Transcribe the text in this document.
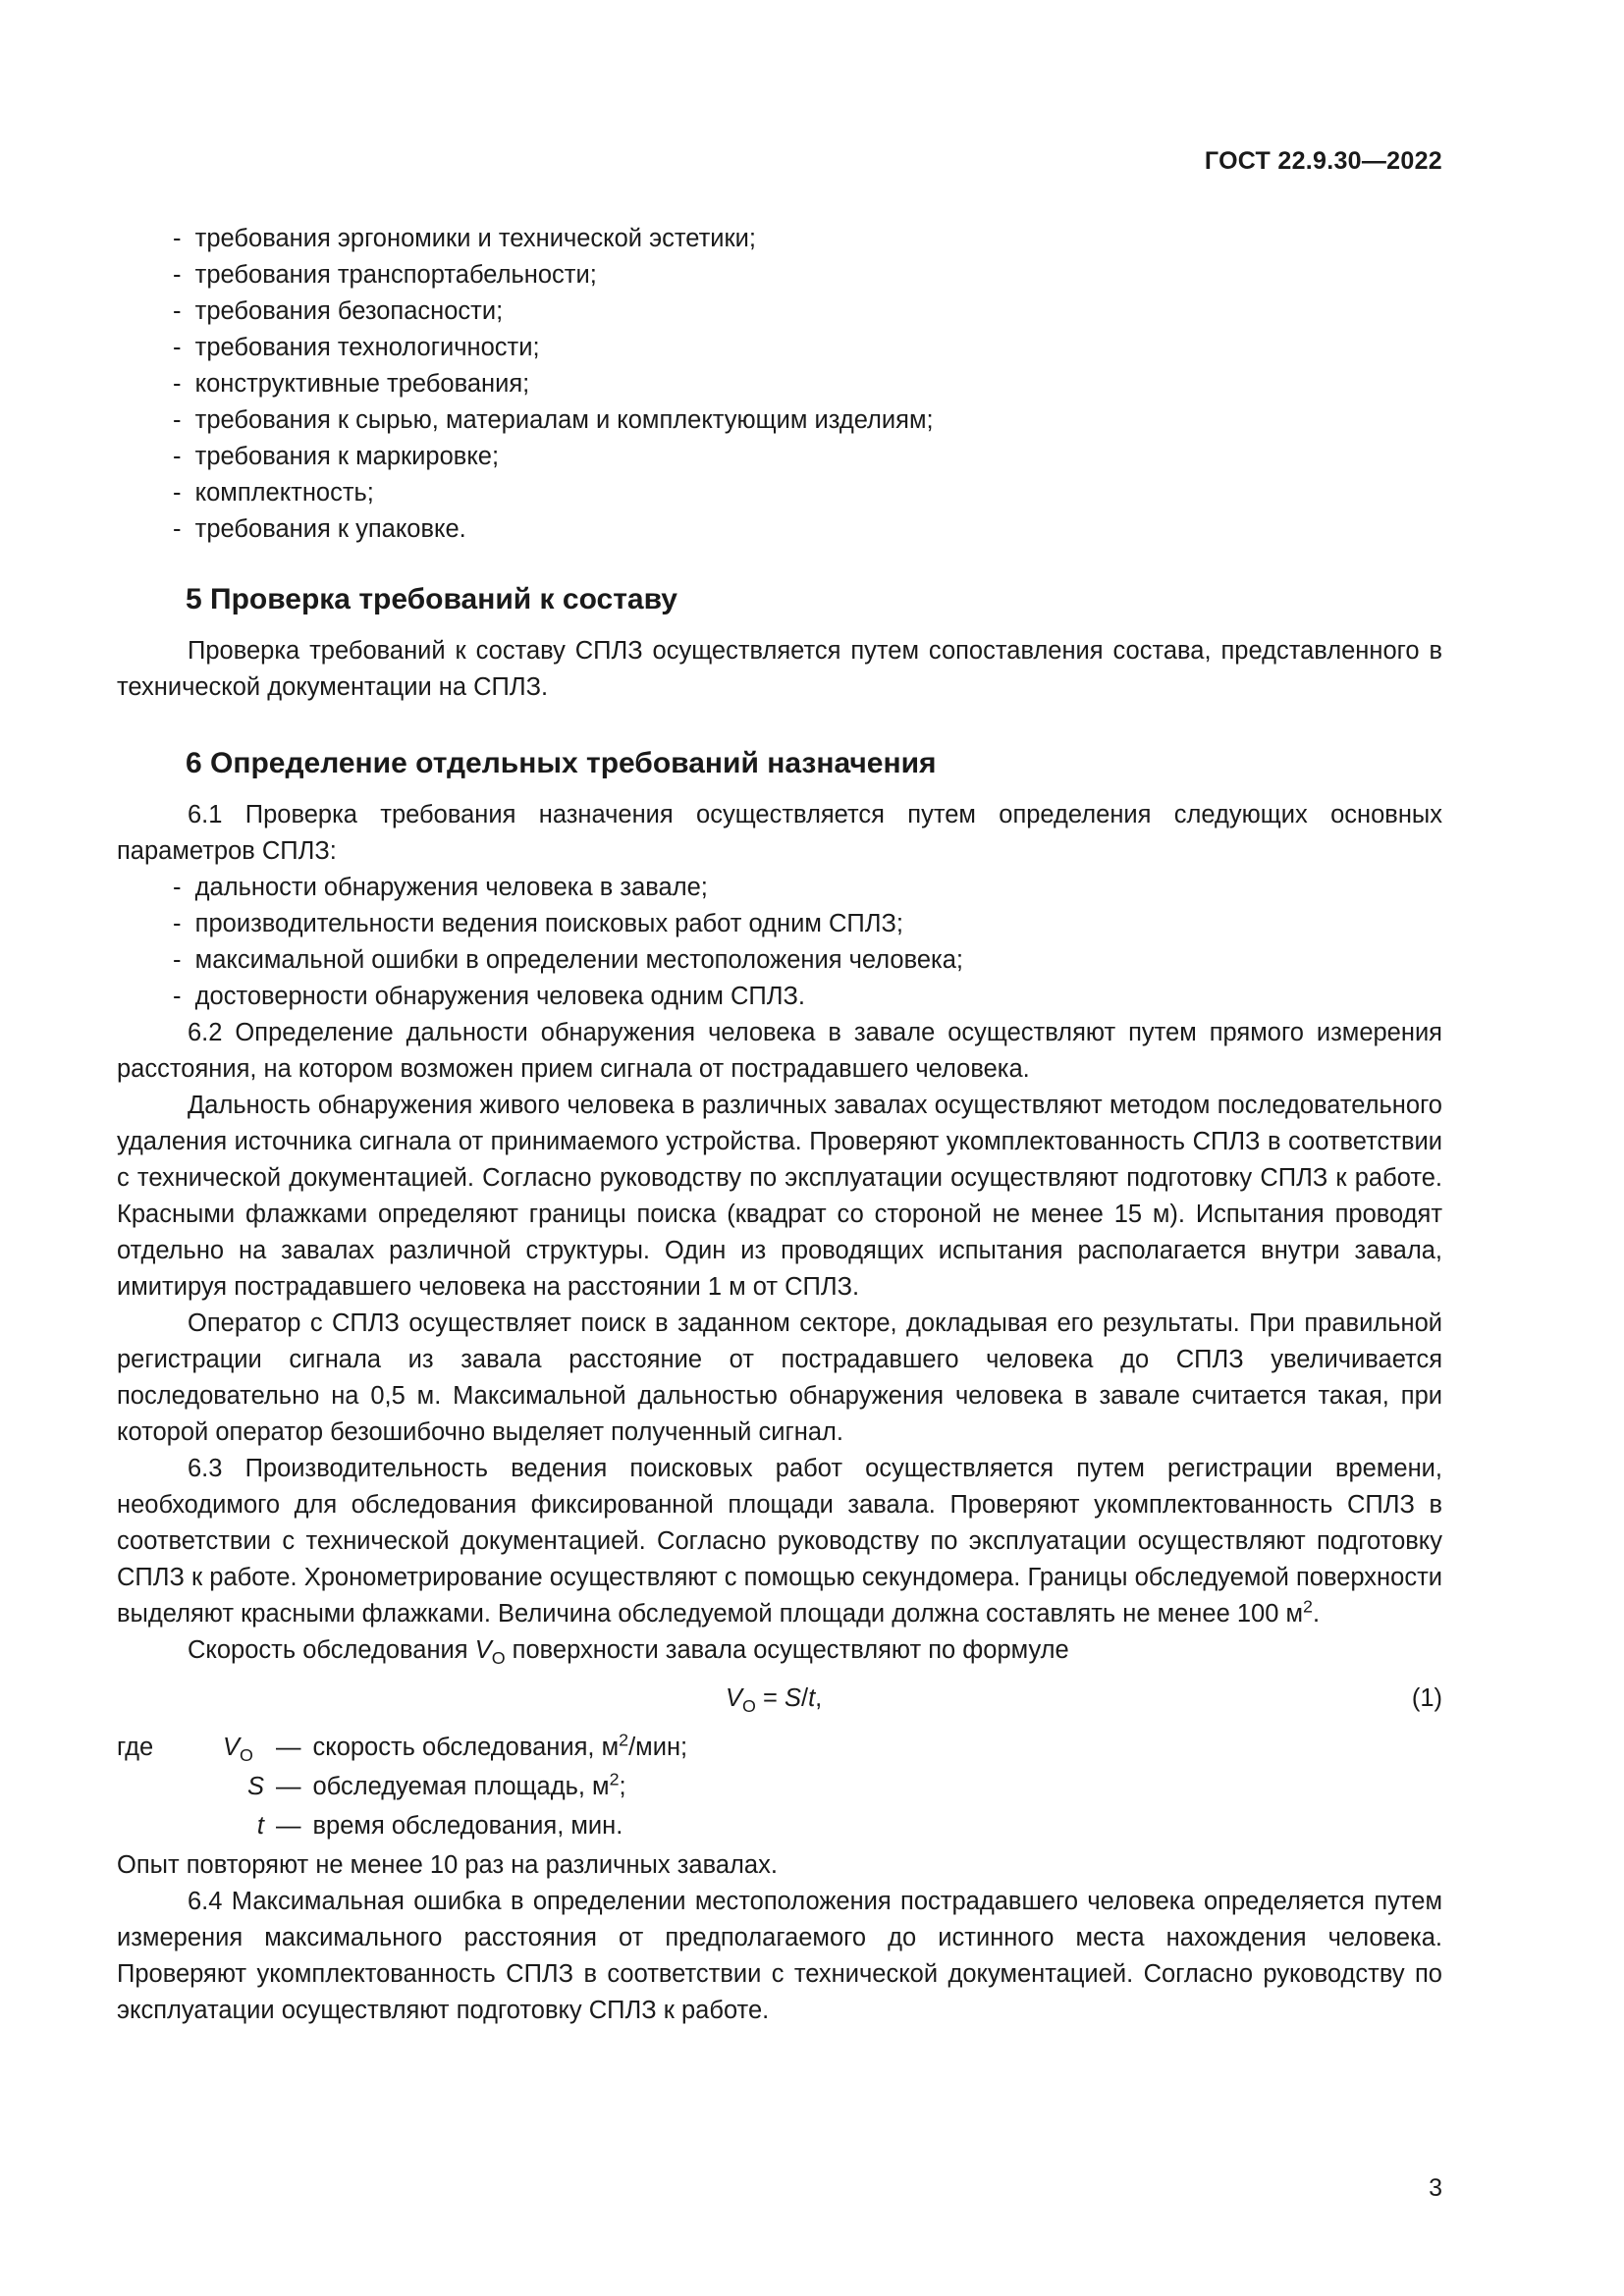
ГОСТ 22.9.30—2022
-  требования эргономики и технической эстетики;
-  требования транспортабельности;
-  требования безопасности;
-  требования технологичности;
-  конструктивные требования;
-  требования к сырью, материалам и комплектующим изделиям;
-  требования к маркировке;
-  комплектность;
-  требования к упаковке.
5 Проверка требований к составу

Проверка требований к составу СПЛЗ осуществляется путем сопоставления состава, представленного в технической документации на СПЛЗ.

6 Определение отдельных требований назначения

6.1 Проверка требования назначения осуществляется путем определения следующих основных параметров СПЛЗ:

-  дальности обнаружения человека в завале;
-  производительности ведения поисковых работ одним СПЛЗ;
-  максимальной ошибки в определении местоположения человека;
-  достоверности обнаружения человека одним СПЛЗ.

6.2 Определение дальности обнаружения человека в завале осуществляют путем прямого измерения расстояния, на котором возможен прием сигнала от пострадавшего человека.

Дальность обнаружения живого человека в различных завалах осуществляют методом последовательного удаления источника сигнала от принимаемого устройства. Проверяют укомплектованность СПЛЗ в соответствии с технической документацией. Согласно руководству по эксплуатации осуществляют подготовку СПЛЗ к работе. Красными флажками определяют границы поиска (квадрат со стороной не менее 15 м). Испытания проводят отдельно на завалах различной структуры. Один из проводящих испытания располагается внутри завала, имитируя пострадавшего человека на расстоянии 1 м от СПЛЗ.

Оператор с СПЛЗ осуществляет поиск в заданном секторе, докладывая его результаты. При правильной регистрации сигнала из завала расстояние от пострадавшего человека до СПЛЗ увеличивается последовательно на 0,5 м. Максимальной дальностью обнаружения человека в завале считается такая, при которой оператор безошибочно выделяет полученный сигнал.

6.3 Производительность ведения поисковых работ осуществляется путем регистрации времени, необходимого для обследования фиксированной площади завала. Проверяют укомплектованность СПЛЗ в соответствии с технической документацией. Согласно руководству по эксплуатации осуществляют подготовку СПЛЗ к работе. Хронометрирование осуществляют с помощью секундомера. Границы обследуемой поверхности выделяют красными флажками. Величина обследуемой площади должна составлять не менее 100 $м^2$.

Скорость обследования $V_О$ поверхности завала осуществляют по формуле

$V_О = S/t$,	(1)
где	$V_О$ — скорость обследования, $м^2$/мин;
S — обследуемая площадь, $м^2$;
t — время обследования, мин.

Опыт повторяют не менее 10 раз на различных завалах.

6.4 Максимальная ошибка в определении местоположения пострадавшего человека определяется путем измерения максимального расстояния от предполагаемого до истинного места нахождения человека. Проверяют укомплектованность СПЛЗ в соответствии с технической документацией. Согласно руководству по эксплуатации осуществляют подготовку СПЛЗ к работе.

3
